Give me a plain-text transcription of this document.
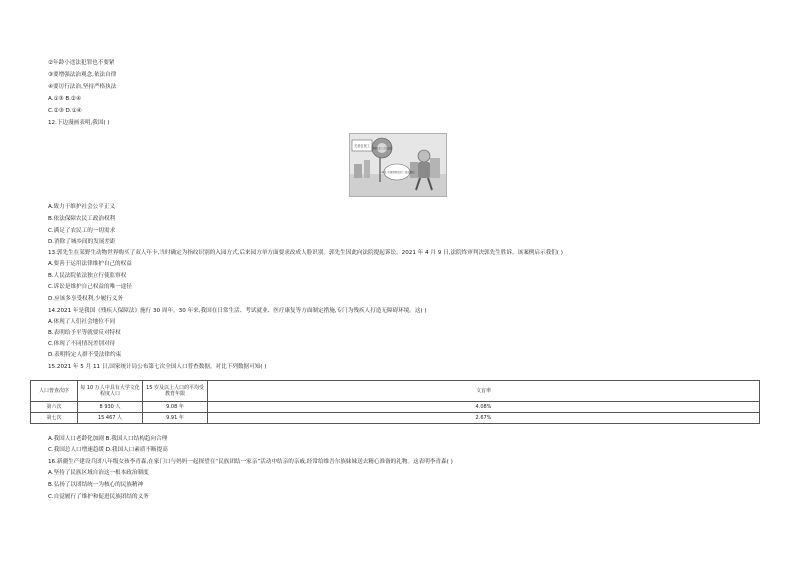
②年龄小违法犯罪也不要紧
③要增强法治观念,依法自律
④要厉行法治,坚持严格执法
A.①③ B.②④
C.②③ D.①④
12.下边漫画表明,我国( )
关爱农民工
保障农民工合法权益
一年来 实现帮助农民工 依法维权
A.致力于维护社会公平正义
B.依法保障农民工政治权利
C.满足了农民工的一切需求
D.消除了城乡间的发展差距
13.郭先生在某野生动物世界购买了双人年卡,当时确定为指纹识别的入园方式,后来园方单方面要求改成人脸识别。郭先生因此向法院提起诉讼。2021 年 4 月 9 日,法院终审判决郭先生胜诉。该案例启示我们( )
A.要善于运用法律维护自己的权益
B.人民法院依法独立行使监察权
C.诉讼是维护自己权益的唯一途径
D.应该多享受权利,少履行义务
14.2021 年是我国《残疾人保障法》施行 30 周年。30 年来,我国在日常生活、考试就业、医疗康复等方面制定措施,专门为残疾人打造无障碍环境。这( )
A.体现了人们社会地位不同
B.表明给予平等就要反对特权
C.体现了不同情况差别对待
D.表明特定人群不受法律约束
15.2021 年 5 月 11 日,国家统计局公布第七次全国人口普查数据。对比下列数据可知( )
人口普查次序	每 10 万人中具有大学文化程度人口	15 岁及以上人口的平均受教育年限	文盲率
第六次	8 930 人	9.08 年	4.08%
第七次	15 467 人	9.91 年	2.67%
A.我国人口老龄化加剧 B.我国人口结构趋向合理
C.我国总人口增速趋缓 D.我国人口素质不断提高
16.新疆生产建设兵团八年级女孩李青森,在家门口与妈妈一起探望在“民族团结一家亲”活动中结亲的亲戚,经常给维吾尔族妹妹送去精心准备的礼物。这表明李青森( )
A.坚持了民族区域自治这一根本政治制度
B.弘扬了以团结统一为核心的民族精神
C.自觉履行了维护和促进民族团结的义务
